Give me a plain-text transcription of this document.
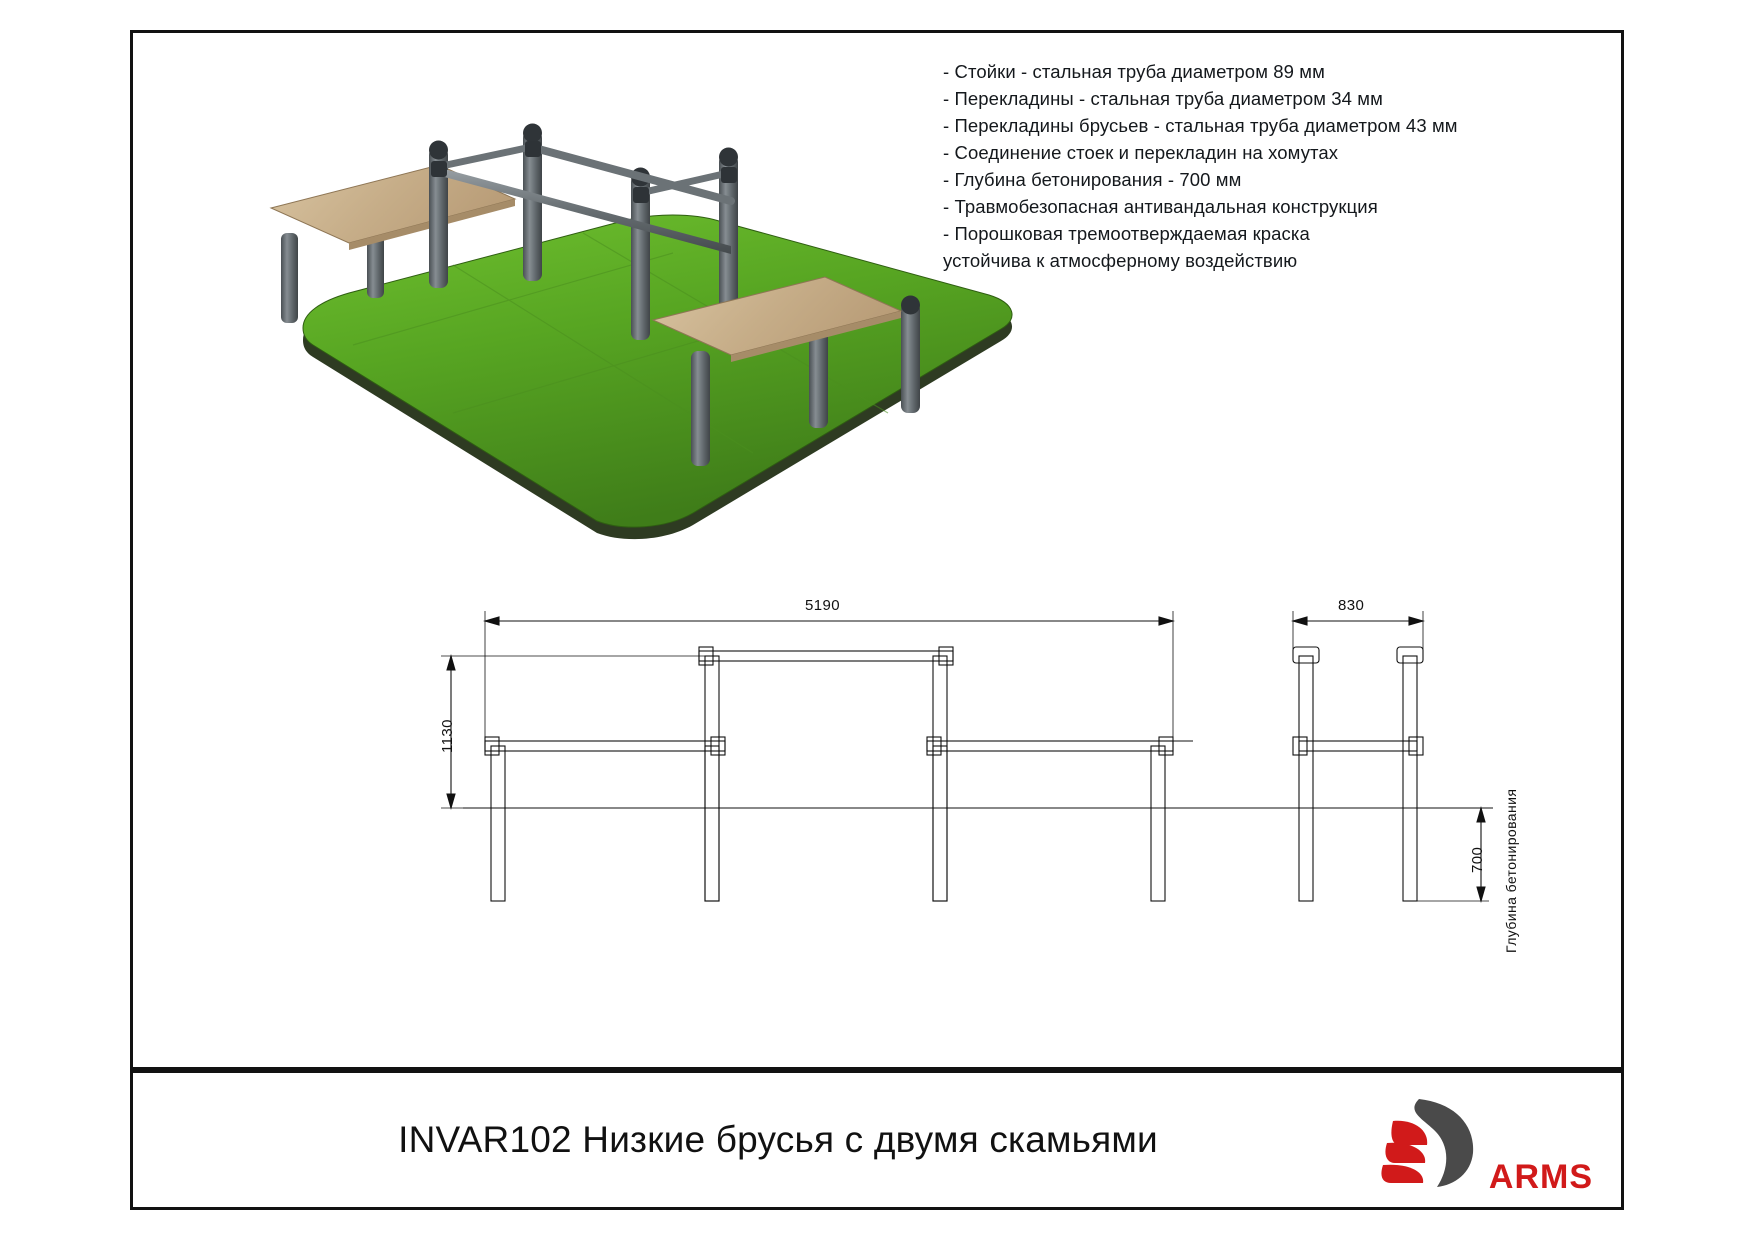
- Стойки - стальная труба диаметром 89 мм
- Перекладины - стальная труба диаметром 34 мм
- Перекладины брусьев - стальная труба диаметром 43 мм
- Соединение стоек и перекладин на хомутах
- Глубина бетонирования - 700 мм
- Травмобезопасная антивандальная конструкция
- Порошковая тремоотверждаемая краска
устойчива к атмосферному воздействию
5190
1130
830
700 Глубина бетонирования
INVAR102 Низкие брусья с двумя скамьями
ARMS
